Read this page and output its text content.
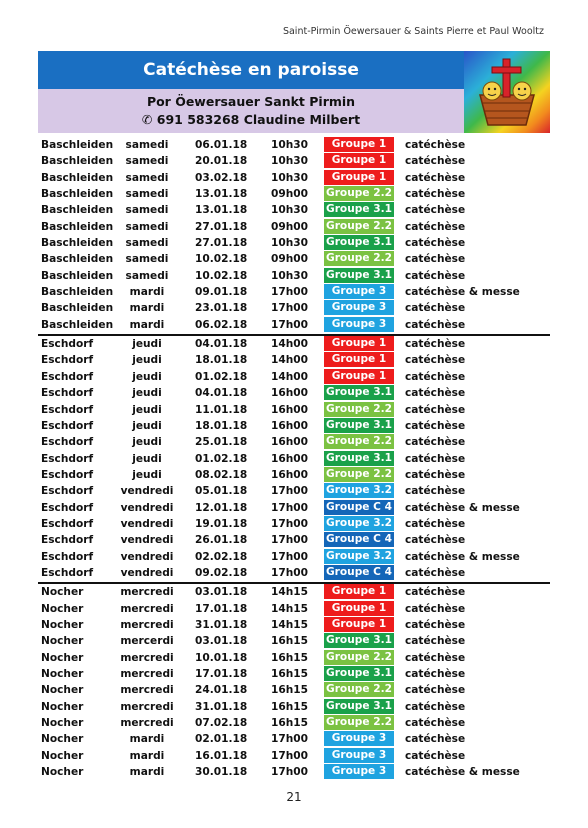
Saint-Pirmin Öewersauer & Saints Pierre et Paul Wooltz
Catéchèse en paroisse
Por Öewersauer Sankt Pirmin
✆ 691 583268 Claudine Milbert
Baschleiden	samedi	06.01.18 10h30	Groupe 1	catéchèse
Baschleiden	samedi	20.01.18 10h30	Groupe 1	catéchèse
Baschleiden	samedi	03.02.18 10h30	Groupe 1	catéchèse
Baschleiden	samedi	13.01.18 09h00 Groupe 2.2 catéchèse
Baschleiden	samedi	13.01.18 10h30 Groupe 3.1 catéchèse
Baschleiden	samedi	27.01.18 09h00 Groupe 2.2 catéchèse
Baschleiden	samedi	27.01.18 10h30 Groupe 3.1 catéchèse
Baschleiden	samedi	10.02.18 09h00 Groupe 2.2 catéchèse
Baschleiden	samedi	10.02.18 10h30 Groupe 3.1 catéchèse
Baschleiden	mardi	09.01.18 17h00	Groupe 3	catéchèse & messe
Baschleiden	mardi	23.01.18 17h00	Groupe 3	catéchèse
Baschleiden	mardi	06.02.18 17h00	Groupe 3	catéchèse
Eschdorf	jeudi	04.01.18 14h00	Groupe 1	catéchèse
Eschdorf	jeudi	18.01.18 14h00	Groupe 1	catéchèse
Eschdorf	jeudi	01.02.18 14h00	Groupe 1	catéchèse
Eschdorf	jeudi	04.01.18 16h00 Groupe 3.1 catéchèse
Eschdorf	jeudi	11.01.18 16h00 Groupe 2.2 catéchèse
Eschdorf	jeudi	18.01.18 16h00 Groupe 3.1 catéchèse
Eschdorf	jeudi	25.01.18 16h00 Groupe 2.2 catéchèse
Eschdorf	jeudi	01.02.18 16h00 Groupe 3.1 catéchèse
Eschdorf	jeudi	08.02.18 16h00 Groupe 2.2 catéchèse
Eschdorf	vendredi	05.01.18 17h00 Groupe 3.2 catéchèse
Eschdorf	vendredi	12.01.18 17h00 Groupe C 4 catéchèse & messe
Eschdorf	vendredi	19.01.18 17h00 Groupe 3.2 catéchèse
Eschdorf	vendredi	26.01.18 17h00 Groupe C 4 catéchèse
Eschdorf	vendredi	02.02.18 17h00 Groupe 3.2 catéchèse & messe
Eschdorf	vendredi	09.02.18 17h00 Groupe C 4 catéchèse
Nocher	mercredi	03.01.18 14h15	Groupe 1	catéchèse
Nocher	mercredi	17.01.18 14h15	Groupe 1	catéchèse
Nocher	mercredi	31.01.18 14h15	Groupe 1	catéchèse
Nocher	mercerdi	03.01.18 16h15 Groupe 3.1 catéchèse
Nocher	mercredi	10.01.18 16h15 Groupe 2.2 catéchèse
Nocher	mercredi	17.01.18 16h15 Groupe 3.1 catéchèse
Nocher	mercredi	24.01.18 16h15 Groupe 2.2 catéchèse
Nocher	mercredi	31.01.18 16h15 Groupe 3.1 catéchèse
Nocher	mercredi	07.02.18 16h15 Groupe 2.2 catéchèse
Nocher	mardi	02.01.18 17h00	Groupe 3	catéchèse
Nocher	mardi	16.01.18 17h00	Groupe 3	catéchèse
Nocher	mardi	30.01.18 17h00	Groupe 3	catéchèse & messe
21
